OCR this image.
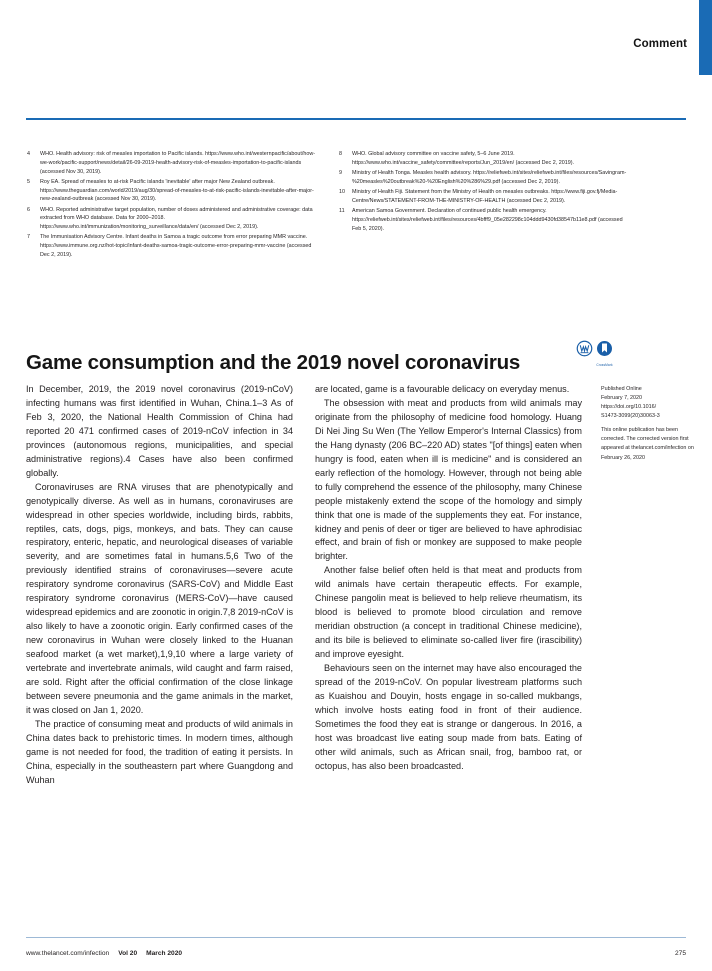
Comment
4	WHO. Health advisory: risk of measles importation to Pacific islands. https://www.who.int/westernpacific/about/how-we-work/pacific-support/news/detail/26-09-2019-health-advisory-risk-of-measles-importation-to-pacific-islands (accessed Nov 30, 2019).
5	Roy EA. Spread of measles to at-risk Pacific islands 'inevitable' after major New Zealand outbreak. https://www.theguardian.com/world/2019/aug/30/spread-of-measles-to-at-risk-pacific-islands-inevitable-after-major-new-zealand-outbreak (accessed Nov 30, 2019).
6	WHO. Reported administrative target population, number of doses administered and administrative coverage: data extracted from WHO database. Data for 2000–2018. https://www.who.int/immunization/monitoring_surveillance/data/en/ (accessed Dec 2, 2019).
7	The Immunisation Advisory Centre. Infant deaths in Samoa a tragic outcome from error preparing MMR vaccine. https://www.immune.org.nz/hot-topic/infant-deaths-samoa-tragic-outcome-error-preparing-mmr-vaccine (accessed Dec 2, 2019).
8	WHO. Global advisory committee on vaccine safety, 5–6 June 2019. https://www.who.int/vaccine_safety/committee/reports/Jun_2019/en/ (accessed Dec 2, 2019).
9	Ministry of Health Tonga. Measles health advisory. https://reliefweb.int/sites/reliefweb.int/files/resources/Savingram-%20measles%20outbreak%20-%20English%20%286%29.pdf (accessed Dec 2, 2019).
10	Ministry of Health Fiji. Statement from the Ministry of Health on measles outbreaks. https://www.fiji.gov.fj/Media-Centre/News/STATEMENT-FROM-THE-MINISTRY-OF-HEALTH (accessed Dec 2, 2019).
11	American Samoa Government. Declaration of continued public health emergency. https://reliefweb.int/sites/reliefweb.int/files/resources/4bfff9_05e282298c104ddd9430fd38547b11e8.pdf (accessed Feb 5, 2020).
Game consumption and the 2019 novel coronavirus	CrossMark

In December, 2019, the 2019 novel coronavirus (2019-nCoV) infecting humans was first identified in Wuhan, China.1–3 As of Feb 3, 2020, the National Health Commission of China had reported 20 471 confirmed cases of 2019-nCoV infection in 34 provinces (autonomous regions, municipalities, and special administrative regions).4 Cases have also been confirmed globally.

Coronaviruses are RNA viruses that are phenotypically and genotypically diverse. As well as in humans, coronaviruses are widespread in other species worldwide, including birds, rabbits, reptiles, cats, dogs, pigs, monkeys, and bats. They can cause respiratory, enteric, hepatic, and neurological diseases of variable severity, and are sometimes fatal in humans.5,6 Two of the previously identified strains of coronaviruses—severe acute respiratory syndrome coronavirus (SARS-CoV) and Middle East respiratory syndrome coronavirus (MERS-CoV)—have caused widespread epidemics and are zoonotic in origin.7,8 2019-nCoV is also likely to have a zoonotic origin. Early confirmed cases of the new coronavirus in Wuhan were closely linked to the Huanan seafood market (a wet market),1,9,10 where a large variety of vertebrate and invertebrate animals, wild caught and farm raised, are sold. Right after the official confirmation of the close linkage between severe pneumonia and the game animals in the market, it was closed on Jan 1, 2020.

The practice of consuming meat and products of wild animals in China dates back to prehistoric times. In modern times, although game is not needed for food, the tradition of eating it persists. In China, especially in the southeastern part where Guangdong and Wuhan

are located, game is a favourable delicacy on everyday menus.

The obsession with meat and products from wild animals may originate from the philosophy of medicine food homology. Huang Di Nei Jing Su Wen (The Yellow Emperor's Internal Classics) from the Hang dynasty (206 BC–220 AD) states "[of things] eaten when hungry is food, eaten when ill is medicine" and is considered an early reflection of the homology. However, through not being able to fully comprehend the essence of the philosophy, many Chinese people mistakenly extend the scope of the homology and simply think that one is made of the supplements they eat. For instance, kidney and penis of deer or tiger are believed to have aphrodisiac effect, and brain of fish or monkey are supposed to make people brighter.

Another false belief often held is that meat and products from wild animals have certain therapeutic effects. For example, Chinese pangolin meat is believed to help relieve rheumatism, its blood is believed to promote blood circulation and remove meridian obstruction (a concept in traditional Chinese medicine), and its bile is believed to eliminate so-called liver fire (irascibility) and improve eyesight.

Behaviours seen on the internet may have also encouraged the spread of the 2019-nCoV. On popular livestream platforms such as Kuaishou and Douyin, hosts engage in so-called mukbangs, which involve hosts eating food in front of their audience. Sometimes the food they eat is strange or dangerous. In 2016, a host was broadcast live eating soup made from bats. Eating of other wild animals, such as African snail, frog, bamboo rat, or octopus, has also been broadcasted.

Published Online
February 7, 2020
https://doi.org/10.1016/
S1473-3099(20)30063-3
This online publication has been corrected. The corrected version first appeared at thelancet.com/infection on February 26, 2020
www.thelancet.com/infection Vol 20 March 2020	275
